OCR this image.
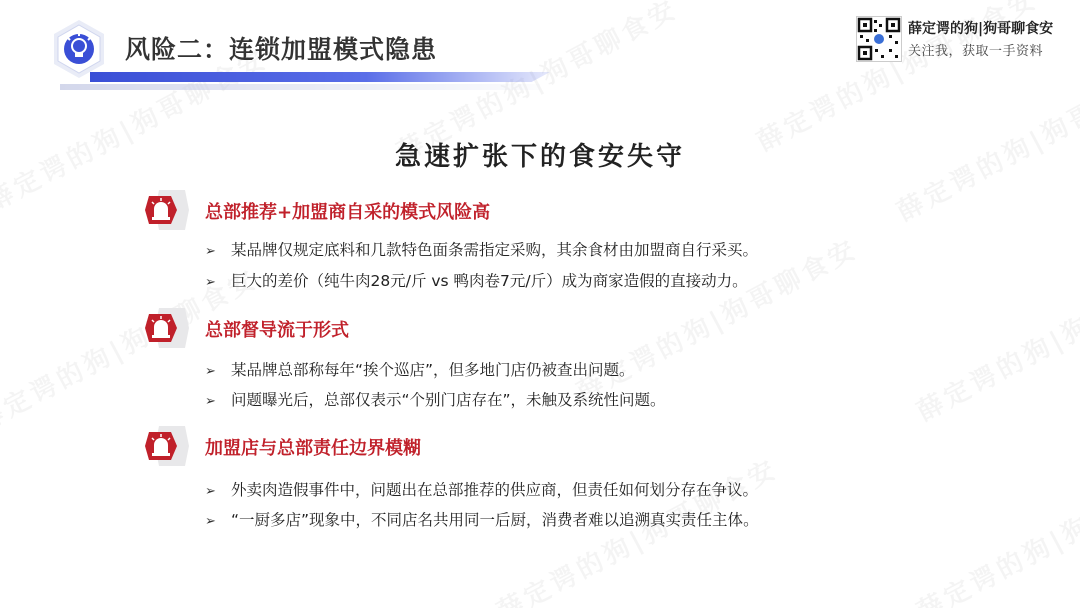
风险二：连锁加盟模式隐患
薛定谔的狗|狗哥聊食安
关注我，获取一手资料
急速扩张下的食安失守
总部推荐+加盟商自采的模式风险高
➢ 某品牌仅规定底料和几款特色面条需指定采购，其余食材由加盟商自行采买。
➢ 巨大的差价（纯牛肉28元/斤 vs 鸭肉卷7元/斤）成为商家造假的直接动力。
总部督导流于形式
➢ 某品牌总部称每年“挨个巡店”，但多地门店仍被查出问题。
➢ 问题曝光后，总部仅表示“个别门店存在”，未触及系统性问题。
加盟店与总部责任边界模糊
➢ 外卖肉造假事件中，问题出在总部推荐的供应商，但责任如何划分存在争议。
➢ “一厨多店”现象中，不同店名共用同一后厨，消费者难以追溯真实责任主体。
